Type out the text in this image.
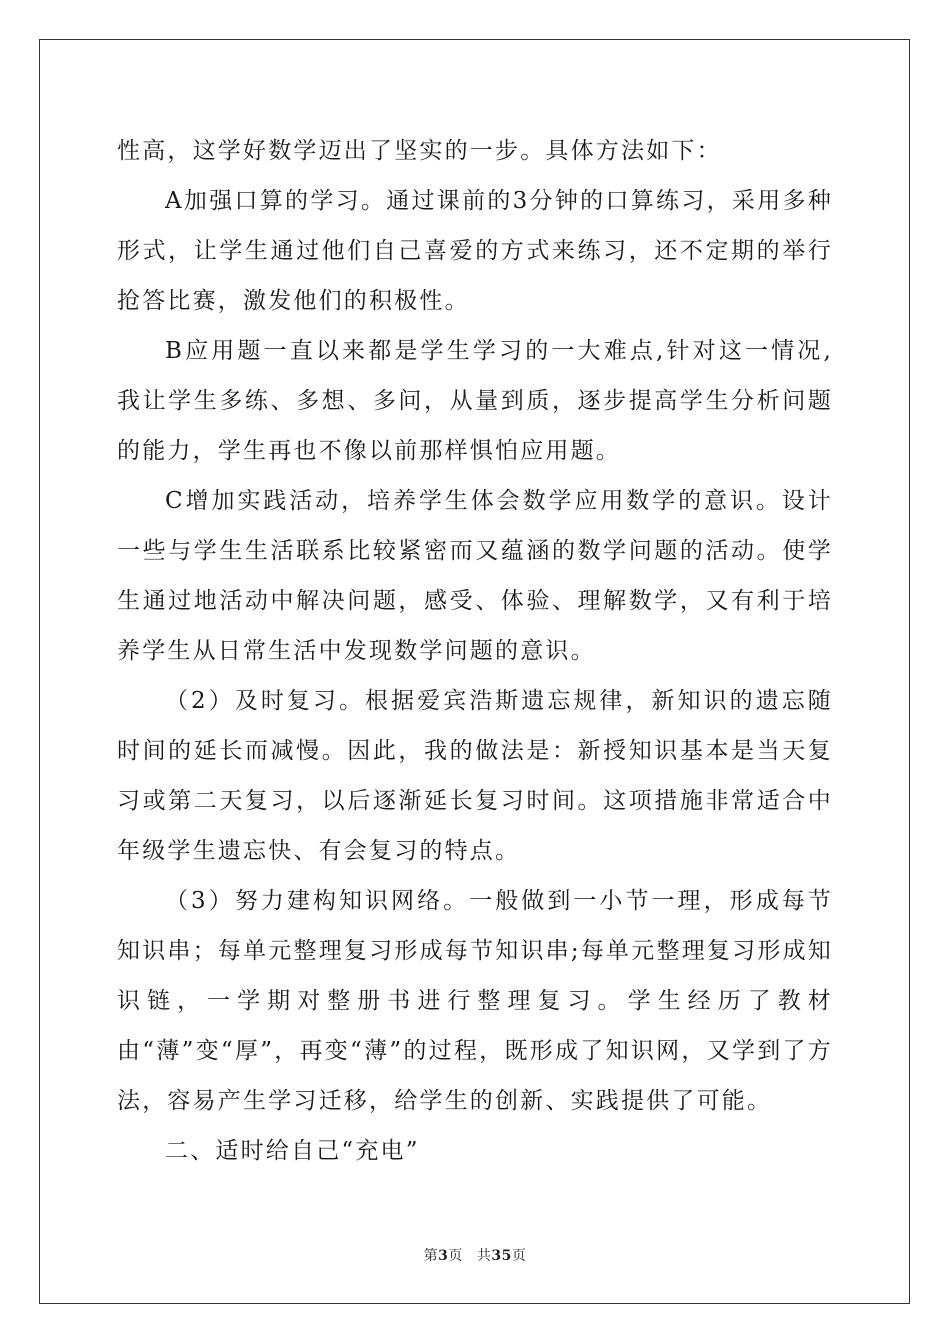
性高，这学好数学迈出了坚实的一步。具体方法如下：

A加强口算的学习。通过课前的3分钟的口算练习，采用多种形式，让学生通过他们自己喜爱的方式来练习，还不定期的举行抢答比赛，激发他们的积极性。

B应用题一直以来都是学生学习的一大难点,针对这一情况,我让学生多练、多想、多问，从量到质，逐步提高学生分析问题的能力，学生再也不像以前那样惧怕应用题。

C增加实践活动，培养学生体会数学应用数学的意识。设计一些与学生生活联系比较紧密而又蕴涵的数学问题的活动。使学生通过地活动中解决问题，感受、体验、理解数学，又有利于培养学生从日常生活中发现数学问题的意识。

（2）及时复习。根据爱宾浩斯遗忘规律，新知识的遗忘随时间的延长而减慢。因此，我的做法是：新授知识基本是当天复习或第二天复习，以后逐渐延长复习时间。这项措施非常适合中年级学生遗忘快、有会复习的特点。

（3）努力建构知识网络。一般做到一小节一理，形成每节知识串；每单元整理复习形成每节知识串;每单元整理复习形成知识链，一学期对整册书进行整理复习。学生经历了教材由“薄”变“厚”，再变“薄”的过程，既形成了知识网，又学到了方法，容易产生学习迁移，给学生的创新、实践提供了可能。

二、适时给自己“充电”

第3页 共35页
